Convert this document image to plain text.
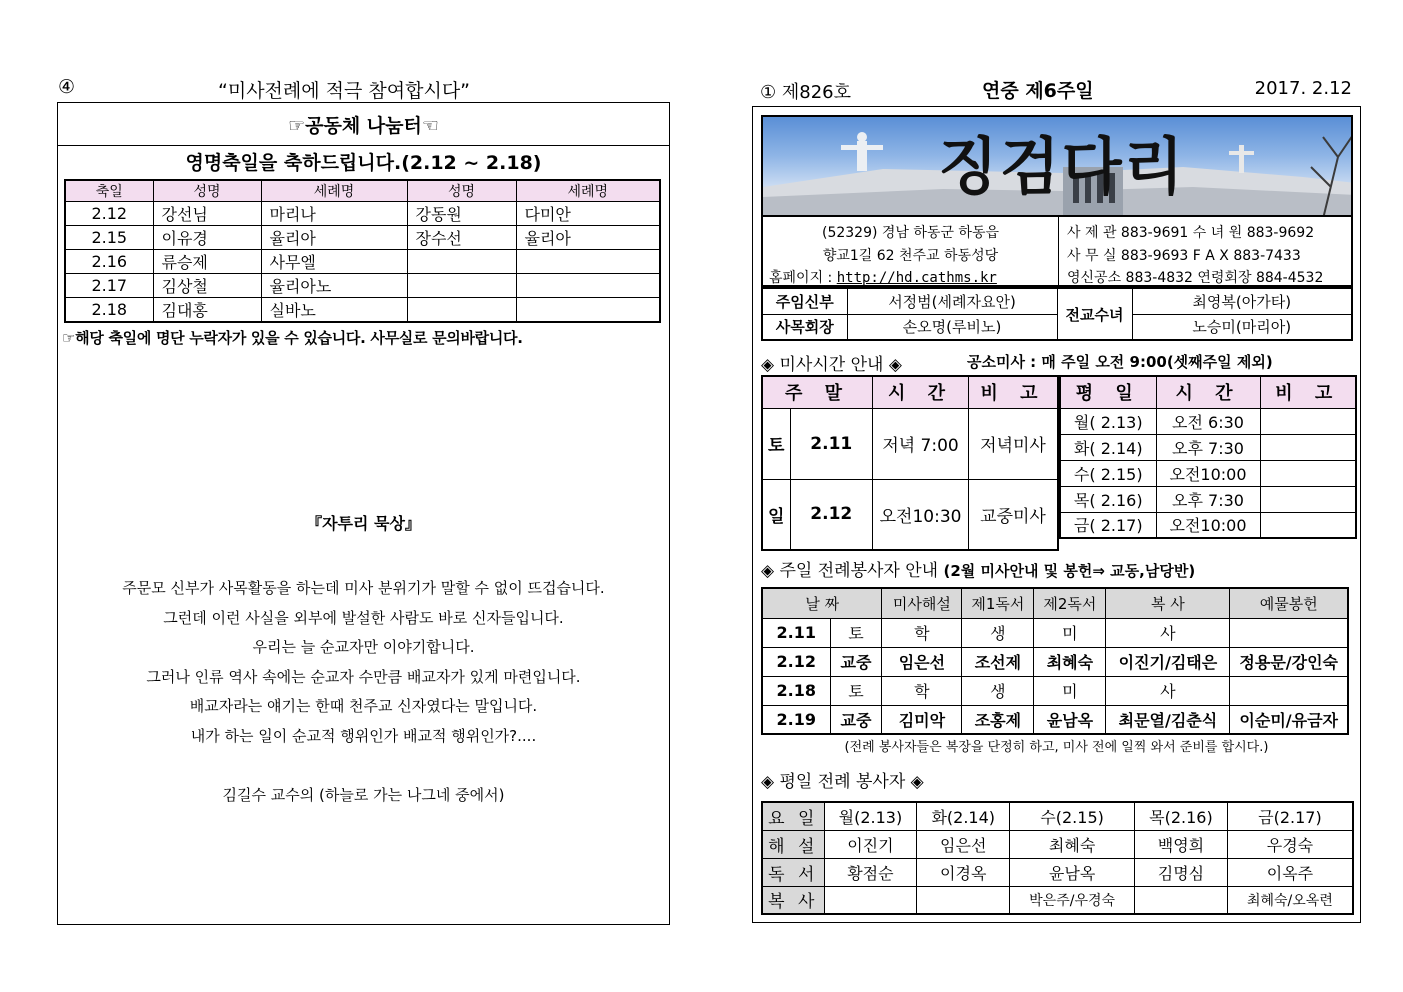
④	“미사전례에 적극 참여합시다”
☞공동체 나눔터☜
영명축일을 축하드립니다.(2.12 ~ 2.18)
축일	성명	세례명	성명	세례명
2.12	강선님	마리나	강동원	다미안
2.15	이유경	율리아	장수선	율리아
2.16	류승제	사무엘		
2.17	김상철	율리아노		
2.18	김대홍	실바노		
☞해당 축일에 명단 누락자가 있을 수 있습니다. 사무실로 문의바랍니다.
『자투리 묵상』

주문모 신부가 사목활동을 하는데 미사 분위기가 말할 수 없이 뜨겁습니다.

그런데 이런 사실을 외부에 발설한 사람도 바로 신자들입니다.

우리는 늘 순교자만 이야기합니다.

그러나 인류 역사 속에는 순교자 수만큼 배교자가 있게 마련입니다.

배교자라는 얘기는 한때 천주교 신자였다는 말입니다.

내가 하는 일이 순교적 행위인가 배교적 행위인가?....

김길수 교수의 (하늘로 가는 나그네 중에서)

① 제826호	연중 제6주일	2017. 2.12
징검다리
(52329) 경남 하동군 하동읍
향교1길 62 천주교 하동성당
홈페이지 : http://hd.cathms.kr
사 제 관 883-9691 수 녀 원 883-9692
사 무 실 883-9693 F A X 883-7433
영신공소 883-4832 연령회장 884-4532
주임신부	서정범(세례자요안)	전교수녀	최영복(아가타)
사목회장	손오명(루비노)		노승미(마리아)
◈ 미사시간 안내 ◈	공소미사 : 매 주일 오전 9:00(셋째주일 제외)
주 말		시 간	비 고
토	2.11	저녁 7:00	저녁미사
일	2.12	오전10:30	교중미사
평 일	시 간	비 고
월( 2.13)	오전 6:30	
화( 2.14)	오후 7:30	
수( 2.15)	오전10:00	
목( 2.16)	오후 7:30	
금( 2.17)	오전10:00	
◈ 주일 전례봉사자 안내 (2월 미사안내 및 봉헌⇒ 교동,남당반)
날 짜		미사해설	제1독서	제2독서	복 사	예물봉헌
2.11	토	학	생	미	사	
2.12	교중	임은선	조선제	최혜숙	이진기/김태은	정용문/강인숙
2.18	토	학	생	미	사	
2.19	교중	김미악	조홍제	윤남옥	최문열/김춘식	이순미/유금자
(전례 봉사자들은 복장을 단정히 하고, 미사 전에 일찍 와서 준비를 합시다.)
◈ 평일 전례 봉사자 ◈
요 일	월(2.13)	화(2.14)	수(2.15)	목(2.16)	금(2.17)
해 설	이진기	임은선	최혜숙	백영희	우경숙
독 서	황점순	이경옥	윤남옥	김명심	이옥주
복 사			박은주/우경숙		최혜숙/오옥련
